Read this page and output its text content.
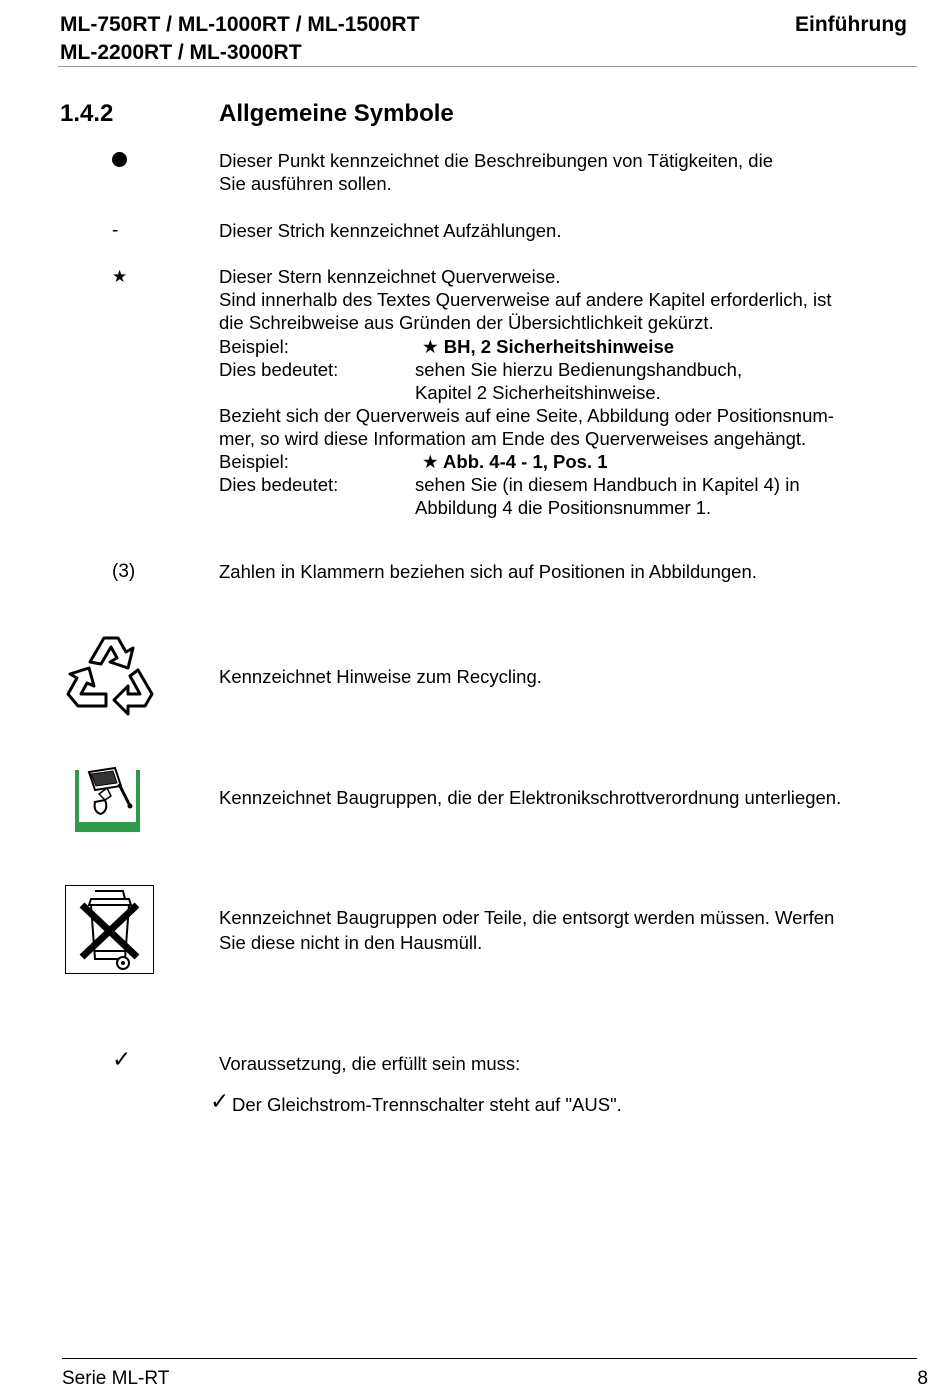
ML-750RT / ML-1000RT / ML-1500RT
ML-2200RT / ML-3000RT
Einführung
1.4.2	Allgemeine Symbole
Dieser Punkt kennzeichnet die Beschreibungen von Tätigkeiten, die
Sie ausführen sollen.
-	Dieser Strich kennzeichnet Aufzählungen.
★	Dieser Stern kennzeichnet Querverweise.
Sind innerhalb des Textes Querverweise auf andere Kapitel erforderlich, ist
die Schreibweise aus Gründen der Übersichtlichkeit gekürzt.
Beispiel:	★ BH, 2 Sicherheitshinweise
Dies bedeutet:	sehen Sie hierzu Bedienungshandbuch,
Kapitel 2 Sicherheitshinweise.
Bezieht sich der Querverweis auf eine Seite, Abbildung oder Positionsnum-
mer, so wird diese Information am Ende des Querverweises angehängt.
Beispiel:	★ Abb. 4-4 - 1, Pos. 1
Dies bedeutet:	sehen Sie (in diesem Handbuch in Kapitel 4) in
Abbildung 4 die Positionsnummer 1.
(3)	Zahlen in Klammern beziehen sich auf Positionen in Abbildungen.
Kennzeichnet Hinweise zum Recycling.
Kennzeichnet Baugruppen, die der Elektronikschrottverordnung unterliegen.
Kennzeichnet Baugruppen oder Teile, die entsorgt werden müssen. Werfen
Sie diese nicht in den Hausmüll.
✓	Voraussetzung, die erfüllt sein muss:
✓ Der Gleichstrom-Trennschalter steht auf "AUS".
Serie ML-RT	8
